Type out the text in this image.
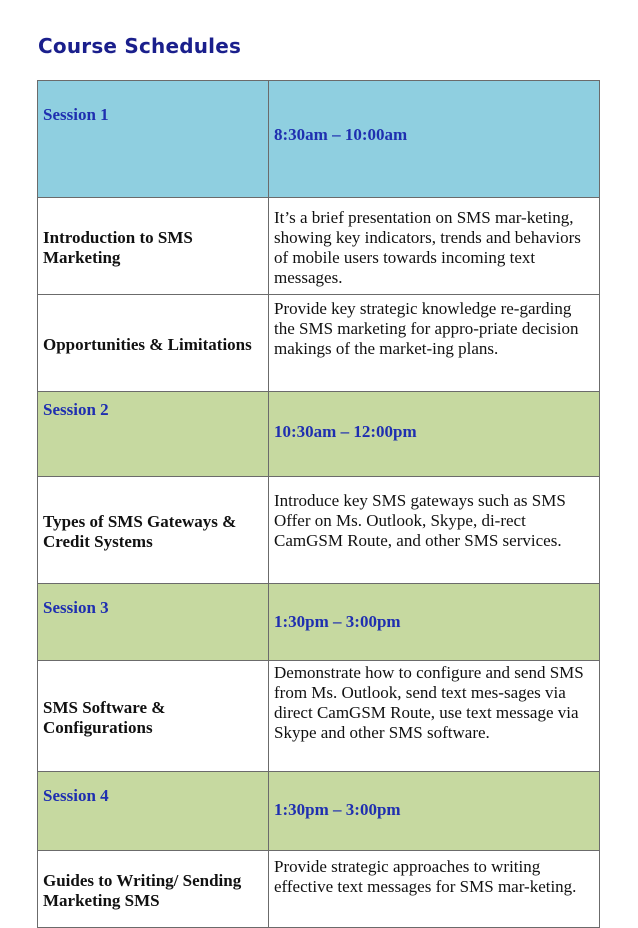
Course Schedules
Session 1	8:30am – 10:00am
Introduction to SMS Marketing	It’s a brief presentation on SMS mar-keting, showing key indicators, trends and behaviors of mobile users towards incoming text messages.
Opportunities & Limitations	Provide key strategic knowledge re-garding the SMS marketing for appro-priate decision makings of the market-ing plans.
Session 2	10:30am – 12:00pm
Types of SMS Gateways & Credit Systems	Introduce key SMS gateways such as SMS Offer on Ms. Outlook, Skype, di-rect CamGSM Route, and other SMS services.
Session 3	1:30pm – 3:00pm
SMS Software & Configurations	Demonstrate how to configure and send SMS from Ms. Outlook, send text mes-sages via direct CamGSM Route, use text message via Skype and other SMS software.
Session 4	1:30pm – 3:00pm
Guides to Writing/ Sending Marketing SMS	Provide strategic approaches to writing effective text messages for SMS mar-keting.
